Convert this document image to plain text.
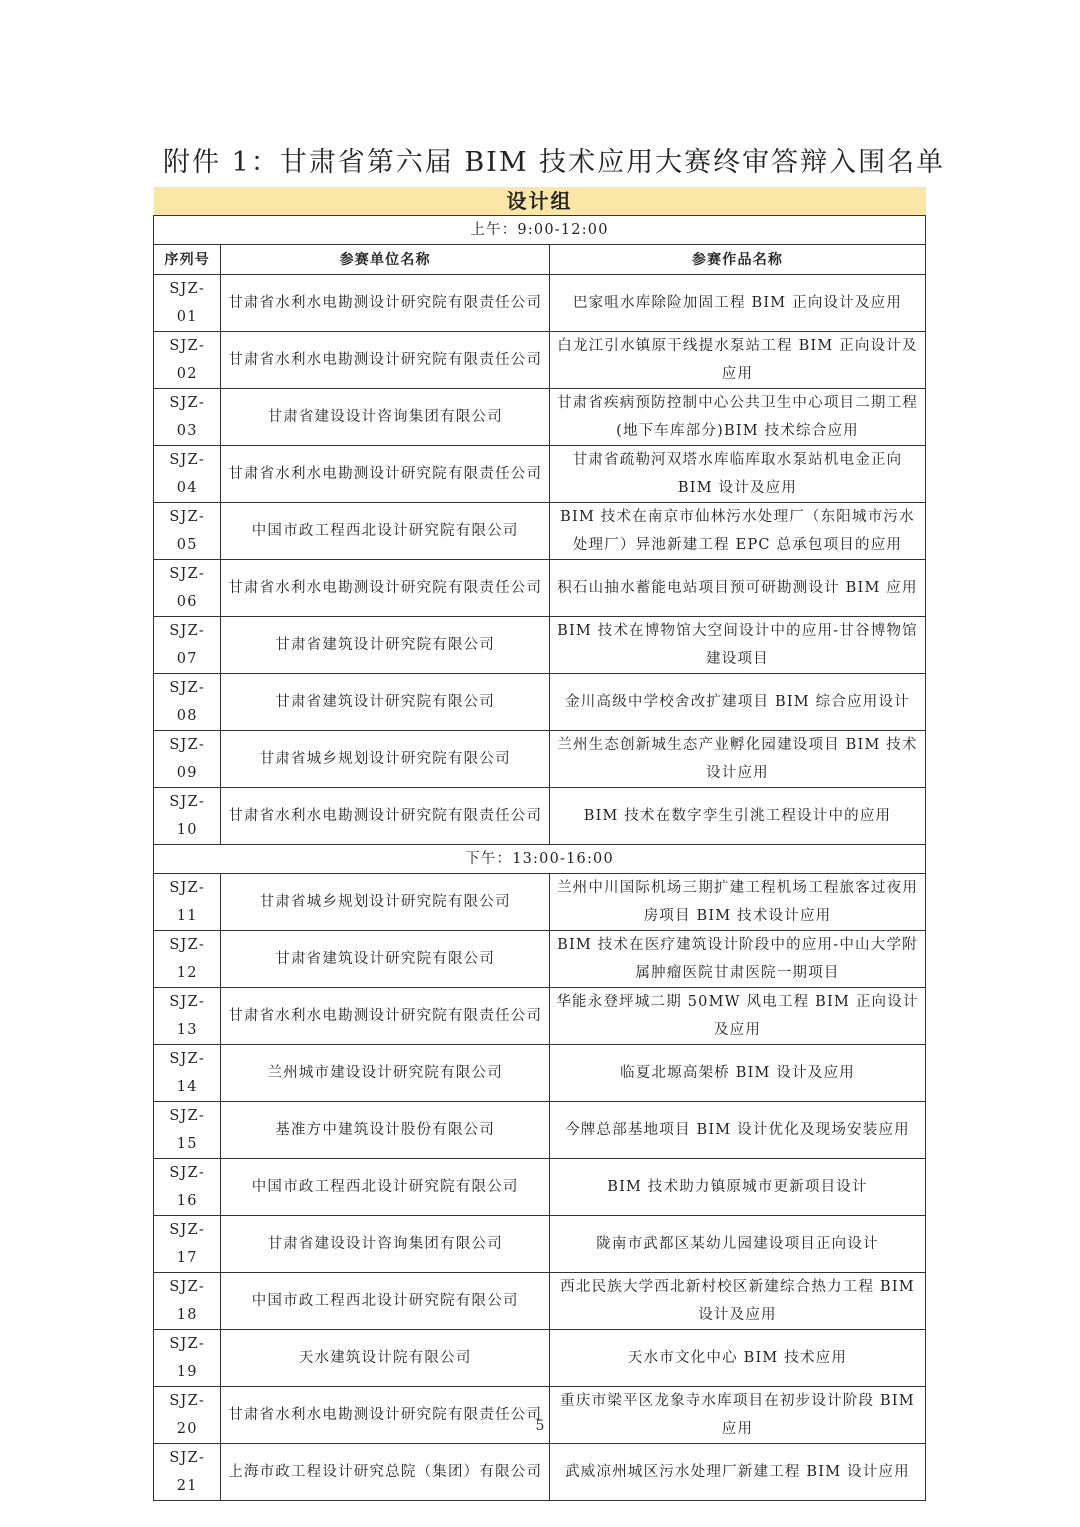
附件 1：甘肃省第六届 BIM 技术应用大赛终审答辩入围名单
设计组		
上午：9:00-12:00		
序列号	参赛单位名称	参赛作品名称
SJZ-01	甘肃省水利水电勘测设计研究院有限责任公司	巴家咀水库除险加固工程 BIM 正向设计及应用
SJZ-02	甘肃省水利水电勘测设计研究院有限责任公司	白龙江引水镇原干线提水泵站工程 BIM 正向设计及应用
SJZ-03	甘肃省建设设计咨询集团有限公司	甘肃省疾病预防控制中心公共卫生中心项目二期工程(地下车库部分)BIM 技术综合应用
SJZ-04	甘肃省水利水电勘测设计研究院有限责任公司	甘肃省疏勒河双塔水库临库取水泵站机电金正向 BIM 设计及应用
SJZ-05	中国市政工程西北设计研究院有限公司	BIM 技术在南京市仙林污水处理厂（东阳城市污水处理厂）异池新建工程 EPC 总承包项目的应用
SJZ-06	甘肃省水利水电勘测设计研究院有限责任公司	积石山抽水蓄能电站项目预可研勘测设计 BIM 应用
SJZ-07	甘肃省建筑设计研究院有限公司	BIM 技术在博物馆大空间设计中的应用-甘谷博物馆建设项目
SJZ-08	甘肃省建筑设计研究院有限公司	金川高级中学校舍改扩建项目 BIM 综合应用设计
SJZ-09	甘肃省城乡规划设计研究院有限公司	兰州生态创新城生态产业孵化园建设项目 BIM 技术设计应用
SJZ-10	甘肃省水利水电勘测设计研究院有限责任公司	BIM 技术在数字孪生引洮工程设计中的应用
下午：13:00-16:00		
SJZ-11	甘肃省城乡规划设计研究院有限公司	兰州中川国际机场三期扩建工程机场工程旅客过夜用房项目 BIM 技术设计应用
SJZ-12	甘肃省建筑设计研究院有限公司	BIM 技术在医疗建筑设计阶段中的应用-中山大学附属肿瘤医院甘肃医院一期项目
SJZ-13	甘肃省水利水电勘测设计研究院有限责任公司	华能永登坪城二期 50MW 风电工程 BIM 正向设计及应用
SJZ-14	兰州城市建设设计研究院有限公司	临夏北塬高架桥 BIM 设计及应用
SJZ-15	基准方中建筑设计股份有限公司	今牌总部基地项目 BIM 设计优化及现场安装应用
SJZ-16	中国市政工程西北设计研究院有限公司	BIM 技术助力镇原城市更新项目设计
SJZ-17	甘肃省建设设计咨询集团有限公司	陇南市武都区某幼儿园建设项目正向设计
SJZ-18	中国市政工程西北设计研究院有限公司	西北民族大学西北新村校区新建综合热力工程 BIM 设计及应用
SJZ-19	天水建筑设计院有限公司	天水市文化中心 BIM 技术应用
SJZ-20	甘肃省水利水电勘测设计研究院有限责任公司	重庆市梁平区龙象寺水库项目在初步设计阶段 BIM 应用
SJZ-21	上海市政工程设计研究总院（集团）有限公司	武威凉州城区污水处理厂新建工程 BIM 设计应用
5
